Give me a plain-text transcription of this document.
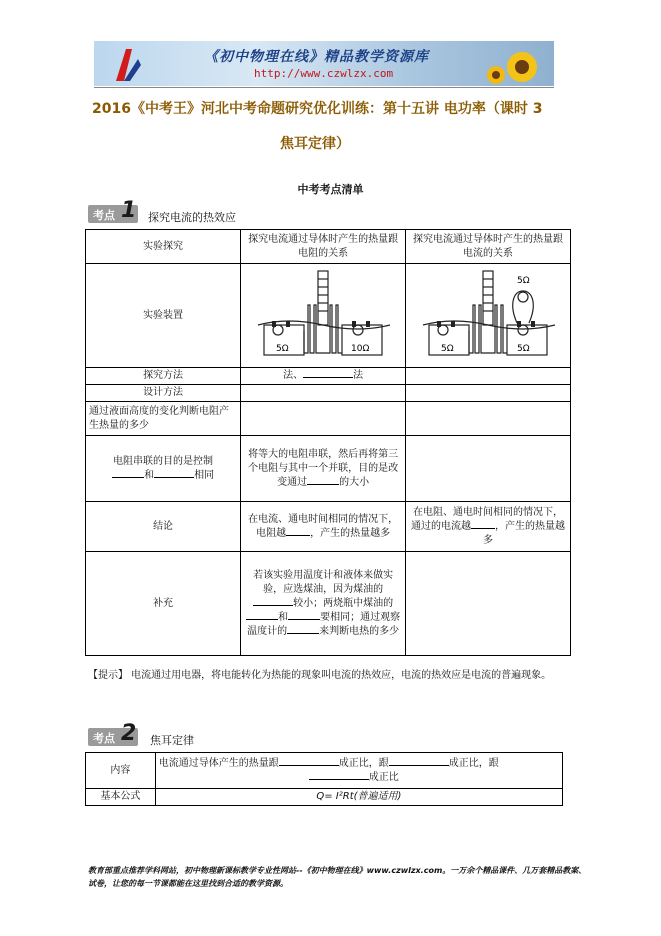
《初中物理在线》精品教学资源库
http://www.czwlzx.com
2016《中考王》河北中考命题研究优化训练：第十五讲 电功率（课时 3
焦耳定律）
中考考点清单
考点 1 探究电流的热效应
实验探究	探究电流通过导体时产生的热量跟电阻的关系	探究电流通过导体时产生的热量跟电流的关系

实验装置	5Ω 10Ω	5Ω 5Ω
5Ω

探究方法	法、 法	
设计方法		
通过液面高度的变化判断电阻产生热量的多少		
电阻串联的目的是控制
和 相同	将等大的电阻串联，然后再将第三个电阻与其中一个并联，目的是改变通过 的大小	
结论	在电流、通电时间相同的情况下，电阻越 ，产生的热量越多	在电阻、通电时间相同的情况下，通过的电流越 ，产生的热量越多
补充	若该实验用温度计和液体来做实验，应选煤油，因为煤油的较小；两烧瓶中煤油的和 要相同；通过观察温度计的 来判断电热的多少	
【提示】 电流通过用电器，将电能转化为热能的现象叫电流的热效应，电流的热效应是电流的普遍现象。
考点 2 焦耳定律
内容	电流通过导体产生的热量跟 成正比，跟 成正比，跟
成正比
基本公式	Q= I²Rt(普遍适用)
教育部重点推荐学科网站，初中物理新课标教学专业性网站--《初中物理在线》www.czwlzx.com。一万余个精品课件、几万套精品教案、试卷，让您的每一节课都能在这里找到合适的教学资源。
